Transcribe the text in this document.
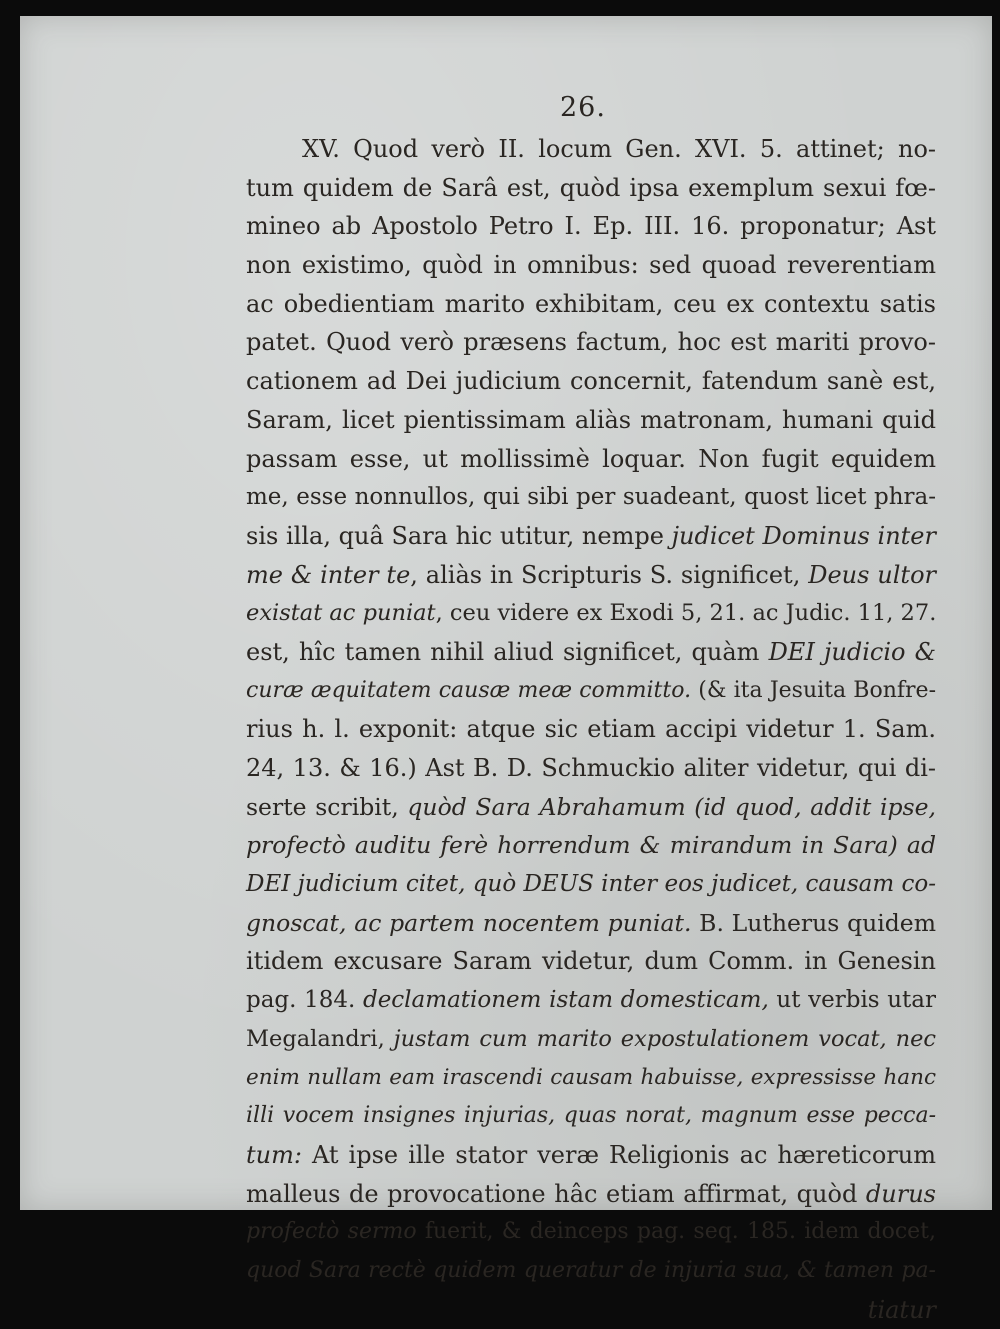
26.
XV. Quod verò II. locum Gen. XVI. 5. attinet; no-
tum quidem de Sarâ est, quòd ipsa exemplum sexui fœ-
mineo ab Apostolo Petro I. Ep. III. 16. proponatur; Ast
non existimo, quòd in omnibus: sed quoad reverentiam
ac obedientiam marito exhibitam, ceu ex contextu satis
patet. Quod verò præsens factum, hoc est mariti provo-
cationem ad Dei judicium concernit, fatendum sanè est,
Saram, licet pientissimam aliàs matronam, humani quid
passam esse, ut mollissimè loquar. Non fugit equidem
me, esse nonnullos, qui sibi per suadeant, quost licet phra-
sis illa, quâ Sara hic utitur, nempe judicet Dominus inter
me & inter te, aliàs in Scripturis S. significet, Deus ultor
existat ac puniat, ceu videre ex Exodi 5, 21. ac Judic. 11, 27.
est, hîc tamen nihil aliud significet, quàm DEI judicio &
curæ æquitatem causæ meæ committo. (& ita Jesuita Bonfre-
rius h. l. exponit: atque sic etiam accipi videtur 1. Sam.
24, 13. & 16.) Ast B. D. Schmuckio aliter videtur, qui di-
serte scribit, quòd Sara Abrahamum (id quod, addit ipse,
profectò auditu ferè horrendum & mirandum in Sara) ad
DEI judicium citet, quò DEUS inter eos judicet, causam co-
gnoscat, ac partem nocentem puniat. B. Lutherus quidem
itidem excusare Saram videtur, dum Comm. in Genesin
pag. 184. declamationem istam domesticam, ut verbis utar
Megalandri, justam cum marito expostulationem vocat, nec
enim nullam eam irascendi causam habuisse, expressisse hanc
illi vocem insignes injurias, quas norat, magnum esse pecca-
tum: At ipse ille stator veræ Religionis ac hæreticorum
malleus de provocatione hâc etiam affirmat, quòd durus
profectò sermo fuerit, & deinceps pag. seq. 185. idem docet,
quod Sara rectè quidem queratur de injuria sua, & tamen pa-
tiatur
